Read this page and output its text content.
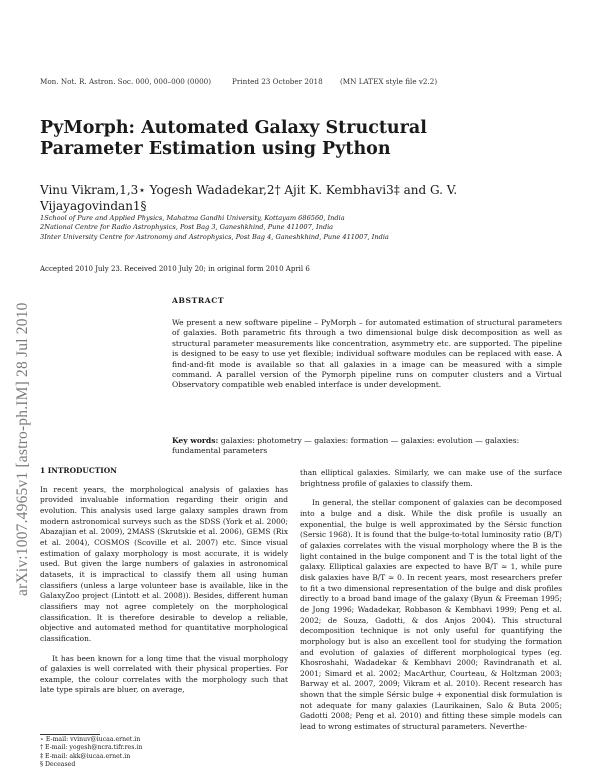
arXiv:1007.4965v1 [astro-ph.IM] 28 Jul 2010
Mon. Not. R. Astron. Soc. 000, 000–000 (0000)	Printed 23 October 2018 (MN LATEX style file v2.2)
PyMorph: Automated Galaxy Structural Parameter Estimation using Python
Vinu Vikram,1,3⋆ Yogesh Wadadekar,2† Ajit K. Kembhavi3‡ and G. V. Vijayagovindan1§
1School of Pure and Applied Physics, Mahatma Gandhi University, Kottayam 686560, India
2National Centre for Radio Astrophysics, Post Bag 3, Ganeshkhind, Pune 411007, India
3Inter University Centre for Astronomy and Astrophysics, Post Bag 4, Ganeshkhind, Pune 411007, India
Accepted 2010 July 23. Received 2010 July 20; in original form 2010 April 6
ABSTRACT
We present a new software pipeline – PyMorph – for automated estimation of structural parameters of galaxies. Both parametric fits through a two dimensional bulge disk decomposition as well as structural parameter measurements like concentration, asymmetry etc. are supported. The pipeline is designed to be easy to use yet flexible; individual software modules can be replaced with ease. A find-and-fit mode is available so that all galaxies in a image can be measured with a simple command. A parallel version of the Pymorph pipeline runs on computer clusters and a Virtual Observatory compatible web enabled interface is under development.
Key words: galaxies: photometry — galaxies: formation — galaxies: evolution — galaxies: fundamental parameters

1 INTRODUCTION

In recent years, the morphological analysis of galaxies has provided invaluable information regarding their origin and evolution. This analysis used large galaxy samples drawn from modern astronomical surveys such as the SDSS (York et al. 2000; Abazajian et al. 2009), 2MASS (Skrutskie et al. 2006), GEMS (Rix et al. 2004), COSMOS (Scoville et al. 2007) etc. Since visual estimation of galaxy morphology is most accurate, it is widely used. But given the large numbers of galaxies in astronomical datasets, it is impractical to classify them all using human classifiers (unless a large volunteer base is available, like in the GalaxyZoo project (Lintott et al. 2008)). Besides, different human classifiers may not agree completely on the morphological classification. It is therefore desirable to develop a reliable, objective and automated method for quantitative morphological classification.

It has been known for a long time that the visual morphology of galaxies is well correlated with their physical properties. For example, the colour correlates with the morphology such that late type spirals are bluer, on average,

than elliptical galaxies. Similarly, we can make use of the surface brightness profile of galaxies to classify them.

In general, the stellar component of galaxies can be decomposed into a bulge and a disk. While the disk profile is usually an exponential, the bulge is well approximated by the Sérsic function (Sersic 1968). It is found that the bulge-to-total luminosity ratio (B/T) of galaxies correlates with the visual morphology where the B is the light contained in the bulge component and T is the total light of the galaxy. Elliptical galaxies are expected to have B/T ≃ 1, while pure disk galaxies have B/T ≃ 0. In recent years, most researchers prefer to fit a two dimensional representation of the bulge and disk profiles directly to a broad band image of the galaxy (Byun & Freeman 1995; de Jong 1996; Wadadekar, Robbason & Kembhavi 1999; Peng et al. 2002; de Souza, Gadotti, & dos Anjos 2004). This structural decomposition technique is not only useful for quantifying the morphology but is also an excellent tool for studying the formation and evolution of galaxies of different morphological types (eg. Khosroshahi, Wadadekar & Kembhavi 2000; Ravindranath et al. 2001; Simard et al. 2002; MacArthur, Courteau, & Holtzman 2003; Barway et al. 2007, 2009; Vikram et al. 2010). Recent research has shown that the simple Sérsic bulge + exponential disk formulation is not adequate for many galaxies (Laurikainen, Salo & Buta 2005; Gadotti 2008; Peng et al. 2010) and fitting these simple models can lead to wrong estimates of structural parameters. Neverthe-

⋆ E-mail: vvinuv@iucaa.ernet.in
† E-mail: yogesh@ncra.tifr.res.in
‡ E-mail: akk@iucaa.ernet.in
§ Deceased
